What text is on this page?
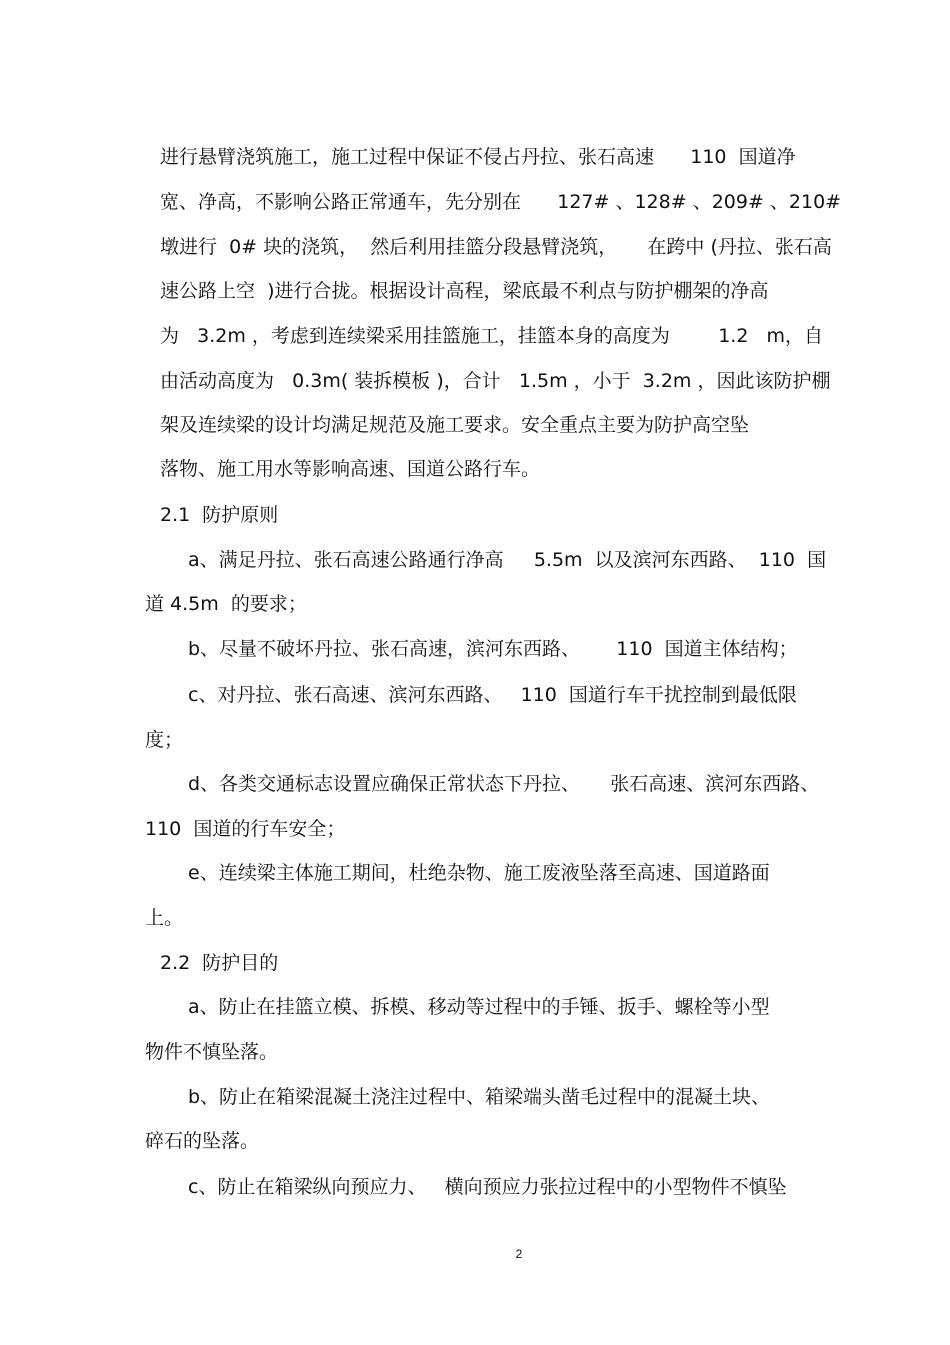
进行悬臂浇筑施工，施工过程中保证不侵占丹拉、张石高速      110  国道净
宽、净高，不影响公路正常通车，先分别在      127# 、128# 、209# 、210#
墩进行  0# 块的浇筑，  然后利用挂篮分段悬臂浇筑，     在跨中 (丹拉、张石高
速公路上空  )进行合拢。根据设计高程，梁底最不利点与防护棚架的净高
为   3.2m ，考虑到连续梁采用挂篮施工，挂篮本身的高度为        1.2   m，自
由活动高度为   0.3m( 装拆模板 )，合计   1.5m ，小于  3.2m ，因此该防护棚
架及连续梁的设计均满足规范及施工要求。安全重点主要为防护高空坠
落物、施工用水等影响高速、国道公路行车。
2.1  防护原则
a、满足丹拉、张石高速公路通行净高     5.5m  以及滨河东西路、  110  国
道 4.5m  的要求；
b、尽量不破坏丹拉、张石高速，滨河东西路、      110  国道主体结构；
c、对丹拉、张石高速、滨河东西路、   110  国道行车干扰控制到最低限
度；
d、各类交通标志设置应确保正常状态下丹拉、     张石高速、滨河东西路、
110  国道的行车安全；
e、连续梁主体施工期间，杜绝杂物、施工废液坠落至高速、国道路面
上。
2.2  防护目的
a、防止在挂篮立模、拆模、移动等过程中的手锤、扳手、螺栓等小型
物件不慎坠落。
b、防止在箱梁混凝土浇注过程中、箱梁端头凿毛过程中的混凝土块、
碎石的坠落。
c、防止在箱梁纵向预应力、   横向预应力张拉过程中的小型物件不慎坠
2
